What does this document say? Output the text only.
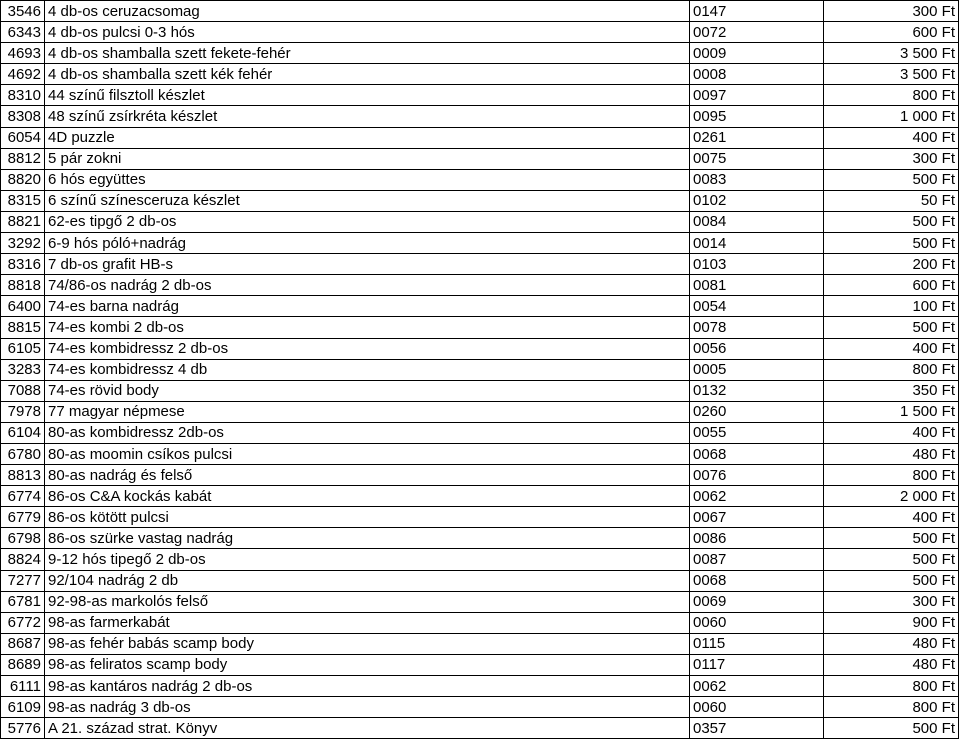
3546	4 db-os ceruzacsomag	0147	300 Ft
6343	4 db-os pulcsi 0-3 hós	0072	600 Ft
4693	4 db-os shamballa szett fekete-fehér	0009	3 500 Ft
4692	4 db-os shamballa szett kék fehér	0008	3 500 Ft
8310	44 színű filsztoll készlet	0097	800 Ft
8308	48 színű zsírkréta készlet	0095	1 000 Ft
6054	4D puzzle	0261	400 Ft
8812	5 pár zokni	0075	300 Ft
8820	6 hós együttes	0083	500 Ft
8315	6 színű színesceruza készlet	0102	50 Ft
8821	62-es tipgő 2 db-os	0084	500 Ft
3292	6-9 hós póló+nadrág	0014	500 Ft
8316	7 db-os grafit HB-s	0103	200 Ft
8818	74/86-os nadrág 2 db-os	0081	600 Ft
6400	74-es barna nadrág	0054	100 Ft
8815	74-es kombi 2 db-os	0078	500 Ft
6105	74-es kombidressz 2 db-os	0056	400 Ft
3283	74-es kombidressz 4 db	0005	800 Ft
7088	74-es rövid body	0132	350 Ft
7978	77 magyar népmese	0260	1 500 Ft
6104	80-as kombidressz 2db-os	0055	400 Ft
6780	80-as moomin csíkos pulcsi	0068	480 Ft
8813	80-as nadrág és felső	0076	800 Ft
6774	86-os C&A kockás kabát	0062	2 000 Ft
6779	86-os kötött pulcsi	0067	400 Ft
6798	86-os szürke vastag nadrág	0086	500 Ft
8824	9-12 hós tipegő 2 db-os	0087	500 Ft
7277	92/104 nadrág 2 db	0068	500 Ft
6781	92-98-as markolós felső	0069	300 Ft
6772	98-as farmerkabát	0060	900 Ft
8687	98-as fehér babás scamp body	0115	480 Ft
8689	98-as feliratos scamp body	0117	480 Ft
6111	98-as kantáros nadrág 2 db-os	0062	800 Ft
6109	98-as nadrág 3 db-os	0060	800 Ft
5776	A 21. század strat. Könyv	0357	500 Ft
